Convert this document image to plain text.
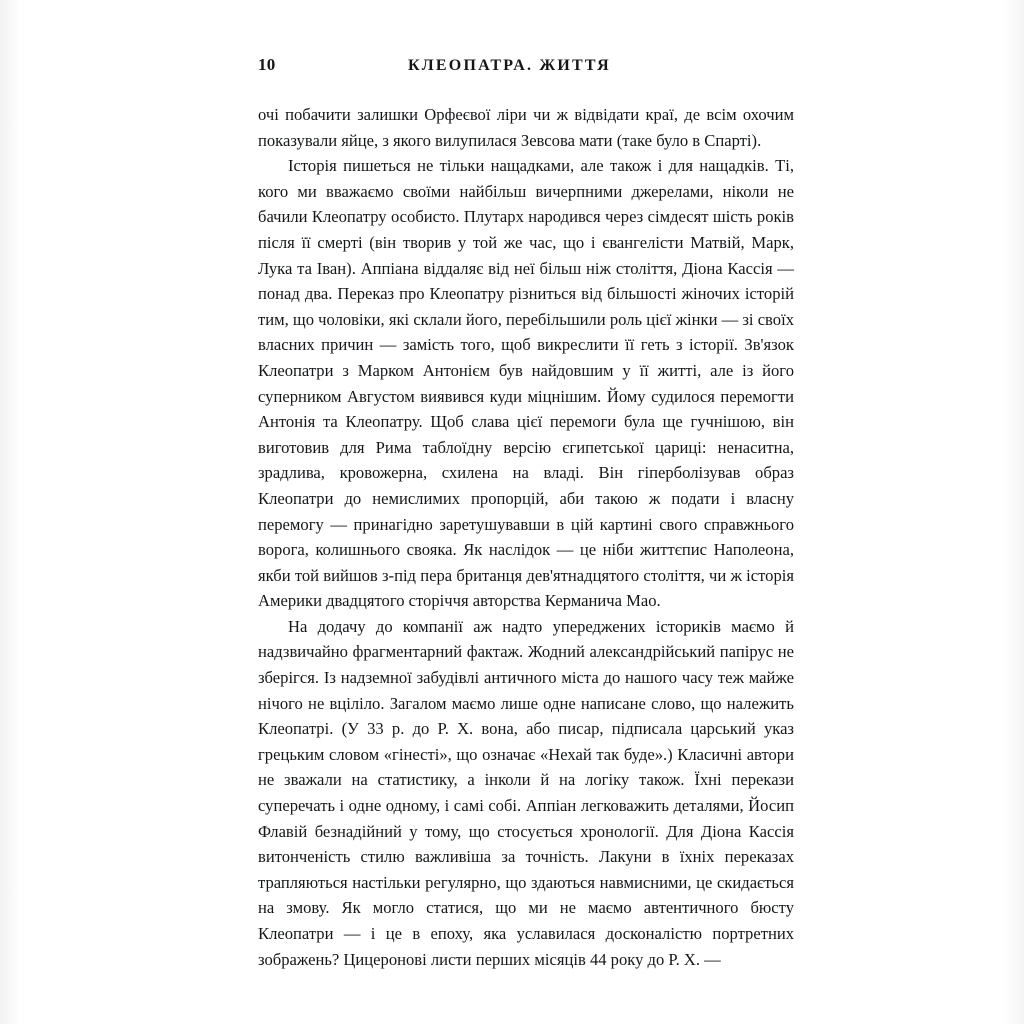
10	КЛЕОПАТРА. ЖИТТЯ

очі побачити залишки Орфеєвої ліри чи ж відвідати краї, де всім охочим показували яйце, з якого вилупилася Зевсова мати (таке було в Спарті).

Історія пишеться не тільки нащадками, але також і для нащадків. Ті, кого ми вважаємо своїми найбільш вичерпними джерелами, ніколи не бачили Клеопатру особисто. Плутарх народився через сімдесят шість років після її смерті (він творив у той же час, що і євангелісти Матвій, Марк, Лука та Іван). Аппіана віддаляє від неї більш ніж століття, Діона Кассія — понад два. Переказ про Клеопатру різниться від більшості жіночих історій тим, що чоловіки, які склали його, перебільшили роль цієї жінки — зі своїх власних причин — замість того, щоб викреслити її геть з історії. Зв'язок Клеопатри з Марком Антонієм був найдовшим у її житті, але із його суперником Августом виявився куди міцнішим. Йому судилося перемогти Антонія та Клеопатру. Щоб слава цієї перемоги була ще гучнішою, він виготовив для Рима таблоїдну версію єгипетської цариці: ненаситна, зрадлива, кровожерна, схилена на владі. Він гіперболізував образ Клеопатри до немислимих пропорцій, аби такою ж подати і власну перемогу — принагідно заретушувавши в цій картині свого справжнього ворога, колишнього свояка. Як наслідок — це ніби життєпис Наполеона, якби той вийшов з-під пера британця дев'ятнадцятого століття, чи ж історія Америки двадцятого сторіччя авторства Керманича Мао.

На додачу до компанії аж надто упереджених істориків маємо й надзвичайно фрагментарний фактаж. Жодний александрійський папірус не зберігся. Із надземної забудівлі античного міста до нашого часу теж майже нічого не вціліло. Загалом маємо лише одне написане слово, що належить Клеопатрі. (У 33 р. до Р. Х. вона, або писар, підписала царський указ грецьким словом «гінесті», що означає «Нехай так буде».) Класичні автори не зважали на статистику, а інколи й на логіку також. Їхні перекази суперечать і одне одному, і самі собі. Аппіан легковажить деталями, Йосип Флавій безнадійний у тому, що стосується хронології. Для Діона Кассія витонченість стилю важливіша за точність. Лакуни в їхніх переказах трапляються настільки регулярно, що здаються навмисними, це скидається на змову. Як могло статися, що ми не маємо автентичного бюсту Клеопатри — і це в епоху, яка уславилася досконалістю портретних зображень? Цицеронові листи перших місяців 44 року до Р. Х. —
